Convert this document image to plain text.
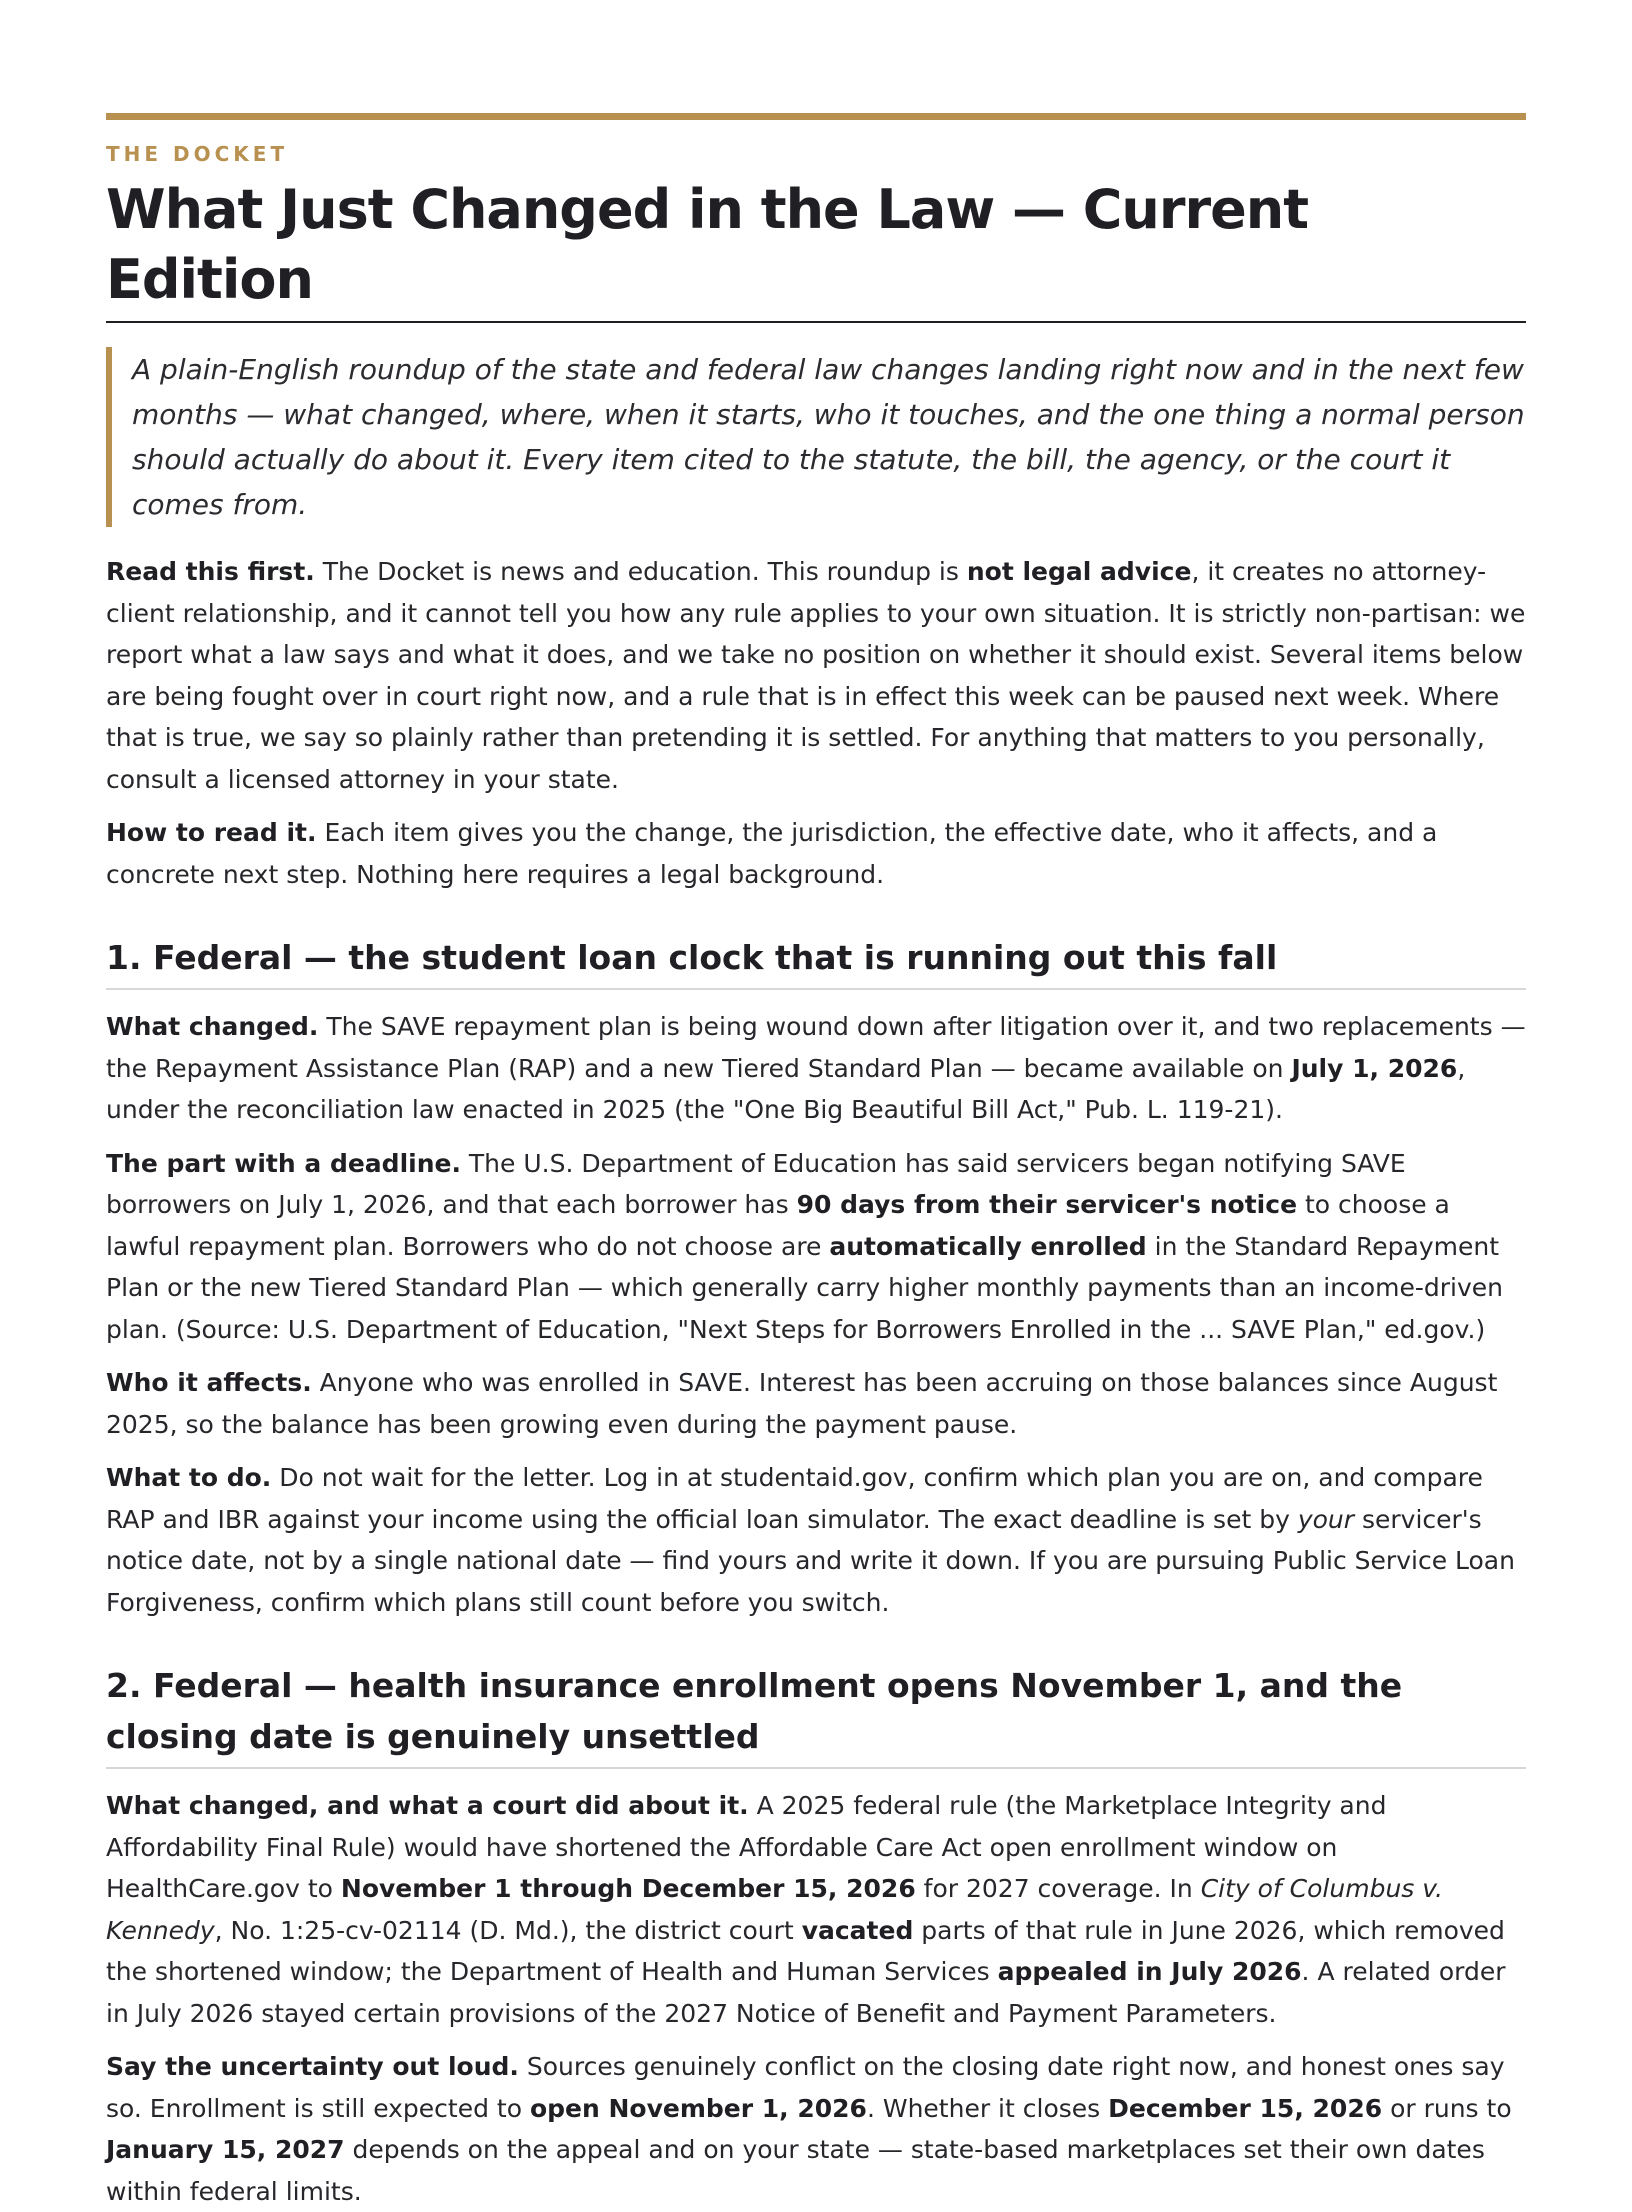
THE DOCKET
What Just Changed in the Law — Current Edition
A plain-English roundup of the state and federal law changes landing right now and in the next few months — what changed, where, when it starts, who it touches, and the one thing a normal person should actually do about it. Every item cited to the statute, the bill, the agency, or the court it comes from.

Read this first. The Docket is news and education. This roundup is not legal advice, it creates no attorney-client relationship, and it cannot tell you how any rule applies to your own situation. It is strictly non-partisan: we report what a law says and what it does, and we take no position on whether it should exist. Several items below are being fought over in court right now, and a rule that is in effect this week can be paused next week. Where that is true, we say so plainly rather than pretending it is settled. For anything that matters to you personally, consult a licensed attorney in your state.

How to read it. Each item gives you the change, the jurisdiction, the effective date, who it affects, and a concrete next step. Nothing here requires a legal background.

1. Federal — the student loan clock that is running out this fall

What changed. The SAVE repayment plan is being wound down after litigation over it, and two replacements — the Repayment Assistance Plan (RAP) and a new Tiered Standard Plan — became available on July 1, 2026, under the reconciliation law enacted in 2025 (the "One Big Beautiful Bill Act," Pub. L. 119-21).

The part with a deadline. The U.S. Department of Education has said servicers began notifying SAVE borrowers on July 1, 2026, and that each borrower has 90 days from their servicer's notice to choose a lawful repayment plan. Borrowers who do not choose are automatically enrolled in the Standard Repayment Plan or the new Tiered Standard Plan — which generally carry higher monthly payments than an income-driven plan. (Source: U.S. Department of Education, "Next Steps for Borrowers Enrolled in the ... SAVE Plan," ed.gov.)

Who it affects. Anyone who was enrolled in SAVE. Interest has been accruing on those balances since August 2025, so the balance has been growing even during the payment pause.

What to do. Do not wait for the letter. Log in at studentaid.gov, confirm which plan you are on, and compare RAP and IBR against your income using the official loan simulator. The exact deadline is set by your servicer's notice date, not by a single national date — find yours and write it down. If you are pursuing Public Service Loan Forgiveness, confirm which plans still count before you switch.

2. Federal — health insurance enrollment opens November 1, and the closing date is genuinely unsettled

What changed, and what a court did about it. A 2025 federal rule (the Marketplace Integrity and Affordability Final Rule) would have shortened the Affordable Care Act open enrollment window on HealthCare.gov to November 1 through December 15, 2026 for 2027 coverage. In City of Columbus v. Kennedy, No. 1:25-cv-02114 (D. Md.), the district court vacated parts of that rule in June 2026, which removed the shortened window; the Department of Health and Human Services appealed in July 2026. A related order in July 2026 stayed certain provisions of the 2027 Notice of Benefit and Payment Parameters.

Say the uncertainty out loud. Sources genuinely conflict on the closing date right now, and honest ones say so. Enrollment is still expected to open November 1, 2026. Whether it closes December 15, 2026 or runs to January 15, 2027 depends on the appeal and on your state — state-based marketplaces set their own dates within federal limits.
